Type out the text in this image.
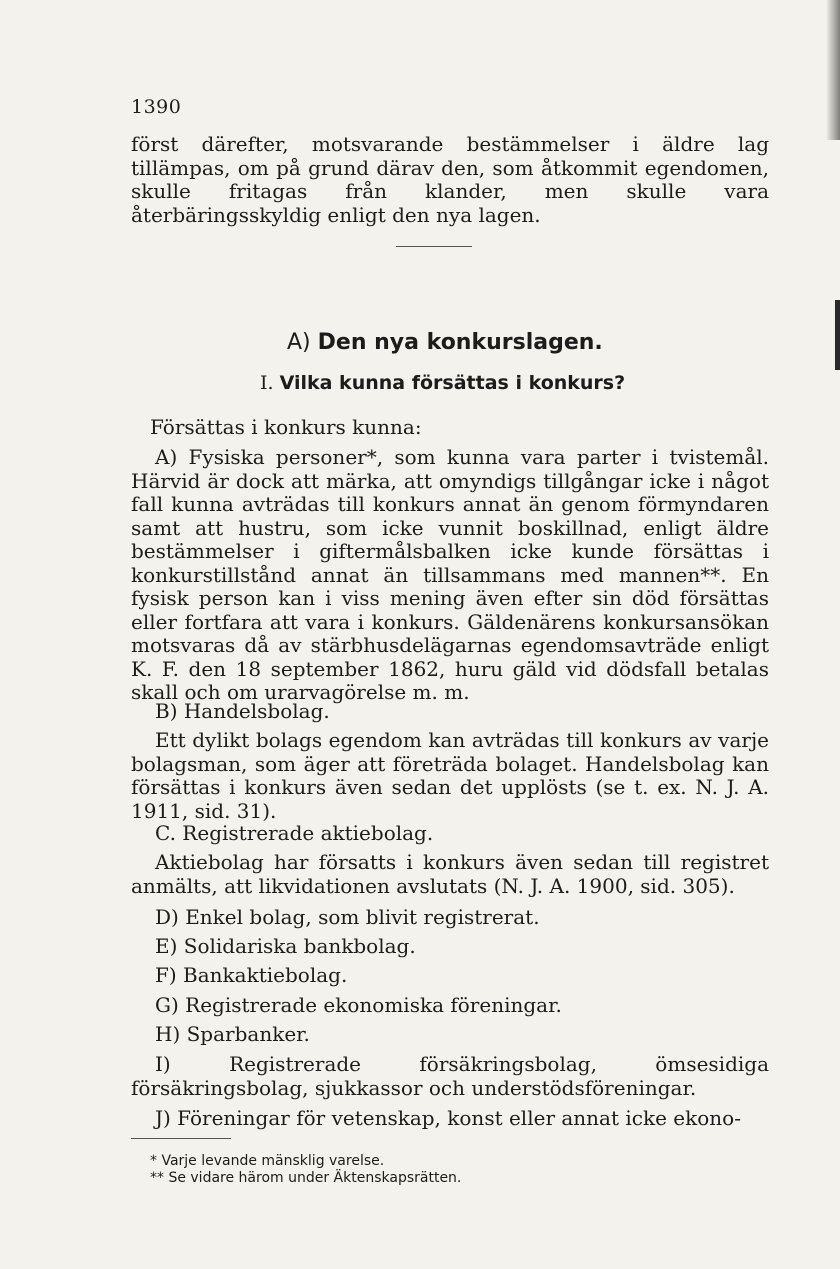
1390

först därefter, motsvarande bestämmelser i äldre lag tillämpas, om på grund därav den, som åtkommit egendomen, skulle fritagas från klander, men skulle vara återbäringsskyldig enligt den nya lagen.

A) Den nya konkurslagen.
I. Vilka kunna försättas i konkurs?

Försättas i konkurs kunna:

A) Fysiska personer*, som kunna vara parter i tvistemål. Härvid är dock att märka, att omyndigs tillgångar icke i något fall kunna avträdas till konkurs annat än genom förmyndaren samt att hustru, som icke vunnit boskillnad, enligt äldre bestämmelser i giftermålsbalken icke kunde försättas i konkurstillstånd annat än tillsammans med mannen**. En fysisk person kan i viss mening även efter sin död försättas eller fortfara att vara i konkurs. Gäldenärens konkursansökan motsvaras då av stärbhusdelägarnas egendomsavträde enligt K. F. den 18 september 1862, huru gäld vid dödsfall betalas skall och om urarvagörelse m. m.

B) Handelsbolag.

Ett dylikt bolags egendom kan avträdas till konkurs av varje bolagsman, som äger att företräda bolaget. Handelsbolag kan försättas i konkurs även sedan det upplösts (se t. ex. N. J. A. 1911, sid. 31).

C. Registrerade aktiebolag.

Aktiebolag har försatts i konkurs även sedan till registret anmälts, att likvidationen avslutats (N. J. A. 1900, sid. 305).

D) Enkel bolag, som blivit registrerat.

E) Solidariska bankbolag.

F) Bankaktiebolag.

G) Registrerade ekonomiska föreningar.

H) Sparbanker.

I) Registrerade försäkringsbolag, ömsesidiga försäkringsbolag, sjukkassor och understödsföreningar.

J) Föreningar för vetenskap, konst eller annat icke ekono-

* Varje levande mänsklig varelse.
** Se vidare härom under Äktenskapsrätten.
